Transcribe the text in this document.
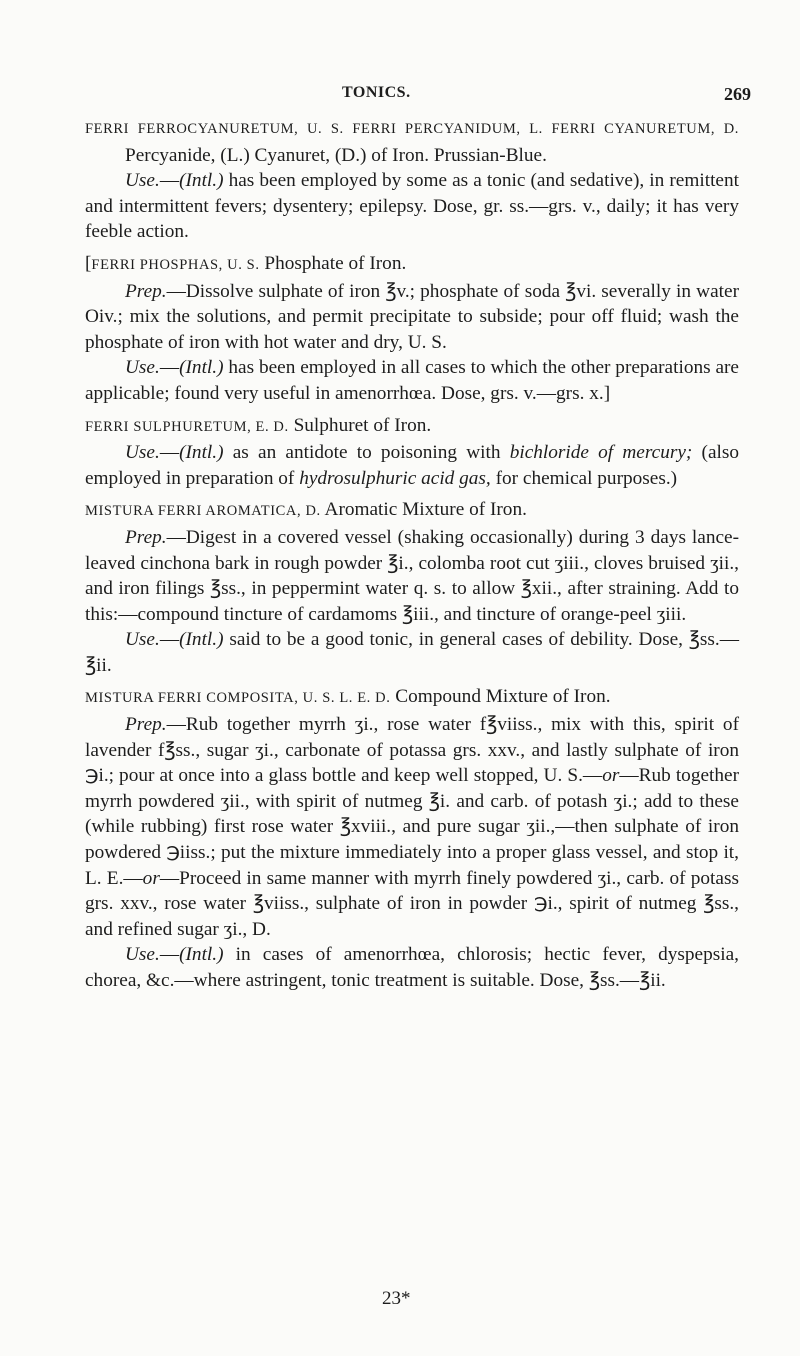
TONICS.	269

FERRI FERROCYANURETUM, U. S. FERRI PERCYANIDUM, L. FERRI CYANURETUM, D. Percyanide, (L.) Cyanuret, (D.) of Iron. Prussian-Blue.

Use.—(Intl.) has been employed by some as a tonic (and sedative), in remittent and intermittent fevers; dysentery; epilepsy. Dose, gr. ss.—grs. v., daily; it has very feeble action.

[FERRI PHOSPHAS, U. S. Phosphate of Iron.

Prep.—Dissolve sulphate of iron ℥v.; phosphate of soda ℥vi. severally in water Oiv.; mix the solutions, and permit precipitate to subside; pour off fluid; wash the phosphate of iron with hot water and dry, U. S.

Use.—(Intl.) has been employed in all cases to which the other preparations are applicable; found very useful in amenorrhœa. Dose, grs. v.—grs. x.]

FERRI SULPHURETUM, E. D. Sulphuret of Iron.

Use.—(Intl.) as an antidote to poisoning with bichloride of mercury; (also employed in preparation of hydrosulphuric acid gas, for chemical purposes.)

MISTURA FERRI AROMATICA, D. Aromatic Mixture of Iron.

Prep.—Digest in a covered vessel (shaking occasionally) during 3 days lance-leaved cinchona bark in rough powder ℥i., colomba root cut ʒiii., cloves bruised ʒii., and iron filings ℥ss., in peppermint water q. s. to allow ℥xii., after straining. Add to this:—compound tincture of cardamoms ℥iii., and tincture of orange-peel ʒiii.

Use.—(Intl.) said to be a good tonic, in general cases of debility. Dose, ℥ss.—℥ii.

MISTURA FERRI COMPOSITA, U. S. L. E. D. Compound Mixture of Iron.

Prep.—Rub together myrrh ʒi., rose water f℥viiss., mix with this, spirit of lavender f℥ss., sugar ʒi., carbonate of potassa grs. xxv., and lastly sulphate of iron ℈i.; pour at once into a glass bottle and keep well stopped, U. S.—or—Rub together myrrh powdered ʒii., with spirit of nutmeg ℥i. and carb. of potash ʒi.; add to these (while rubbing) first rose water ℥xviii., and pure sugar ʒii.,—then sulphate of iron powdered ℈iiss.; put the mixture immediately into a proper glass vessel, and stop it, L. E.—or—Proceed in same manner with myrrh finely powdered ʒi., carb. of potass grs. xxv., rose water ℥viiss., sulphate of iron in powder ℈i., spirit of nutmeg ℥ss., and refined sugar ʒi., D.

Use.—(Intl.) in cases of amenorrhœa, chlorosis; hectic fever, dyspepsia, chorea, &c.—where astringent, tonic treatment is suitable. Dose, ℥ss.—℥ii.

23*
